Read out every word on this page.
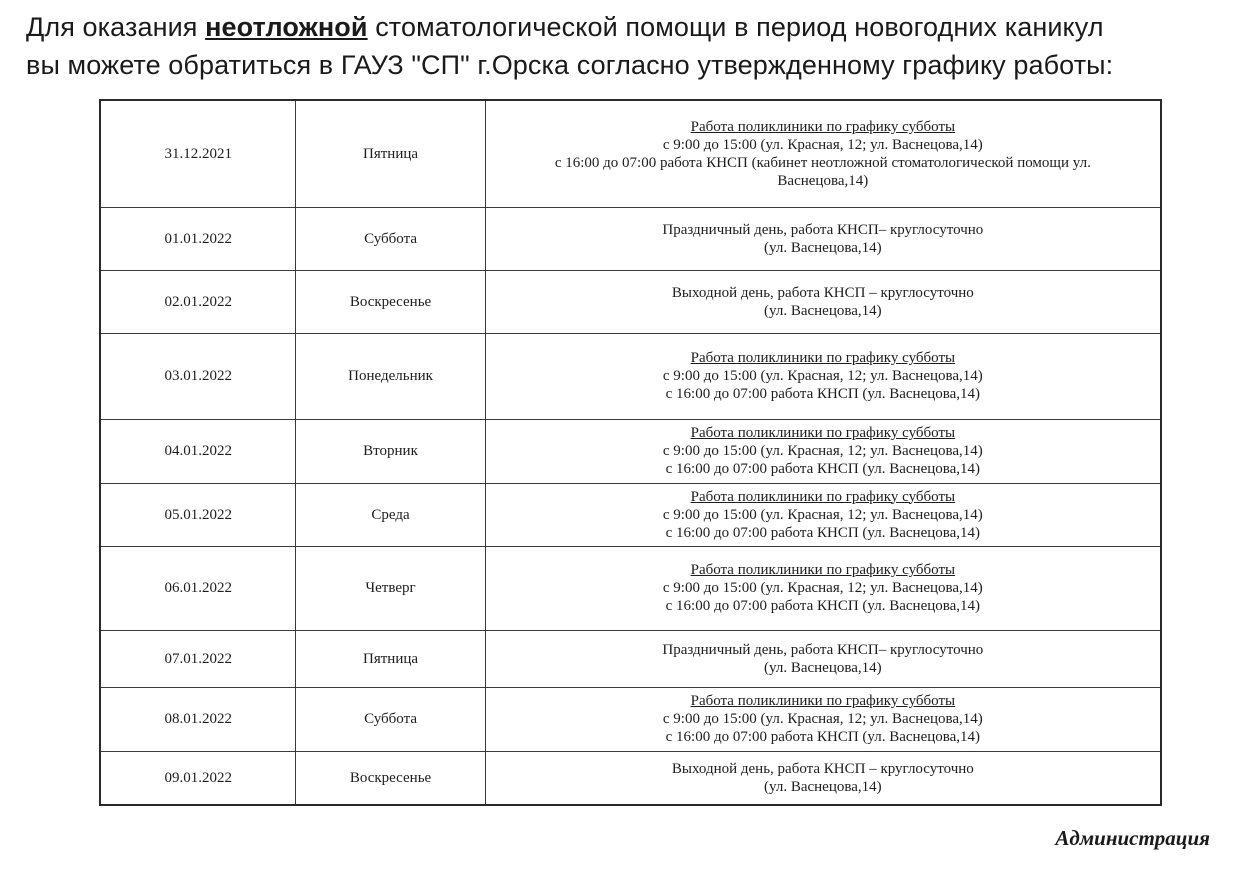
Для оказания неотложной стоматологической помощи в период новогодних каникул
вы можете обратиться в ГАУЗ "СП" г.Орска согласно утвержденному графику работы:
31.12.2021	Пятница	Работа поликлиники по графику субботы
с 9:00 до 15:00 (ул. Красная, 12; ул. Васнецова,14)
с 16:00 до 07:00 работа КНСП (кабинет неотложной стоматологической помощи ул.
Васнецова,14)

01.01.2022	Суббота	Праздничный день, работа КНСП– круглосуточно
(ул. Васнецова,14)

02.01.2022	Воскресенье	Выходной день, работа КНСП – круглосуточно
(ул. Васнецова,14)

03.01.2022	Понедельник	Работа поликлиники по графику субботы
с 9:00 до 15:00 (ул. Красная, 12; ул. Васнецова,14)
с 16:00 до 07:00 работа КНСП (ул. Васнецова,14)

04.01.2022	Вторник	Работа поликлиники по графику субботы
с 9:00 до 15:00 (ул. Красная, 12; ул. Васнецова,14)
с 16:00 до 07:00 работа КНСП (ул. Васнецова,14)

05.01.2022	Среда	Работа поликлиники по графику субботы
с 9:00 до 15:00 (ул. Красная, 12; ул. Васнецова,14)
с 16:00 до 07:00 работа КНСП (ул. Васнецова,14)

06.01.2022	Четверг	Работа поликлиники по графику субботы
с 9:00 до 15:00 (ул. Красная, 12; ул. Васнецова,14)
с 16:00 до 07:00 работа КНСП (ул. Васнецова,14)

07.01.2022	Пятница	Праздничный день, работа КНСП– круглосуточно
(ул. Васнецова,14)

08.01.2022	Суббота	Работа поликлиники по графику субботы
с 9:00 до 15:00 (ул. Красная, 12; ул. Васнецова,14)
с 16:00 до 07:00 работа КНСП (ул. Васнецова,14)

09.01.2022	Воскресенье	Выходной день, работа КНСП – круглосуточно
(ул. Васнецова,14)
Администрация
